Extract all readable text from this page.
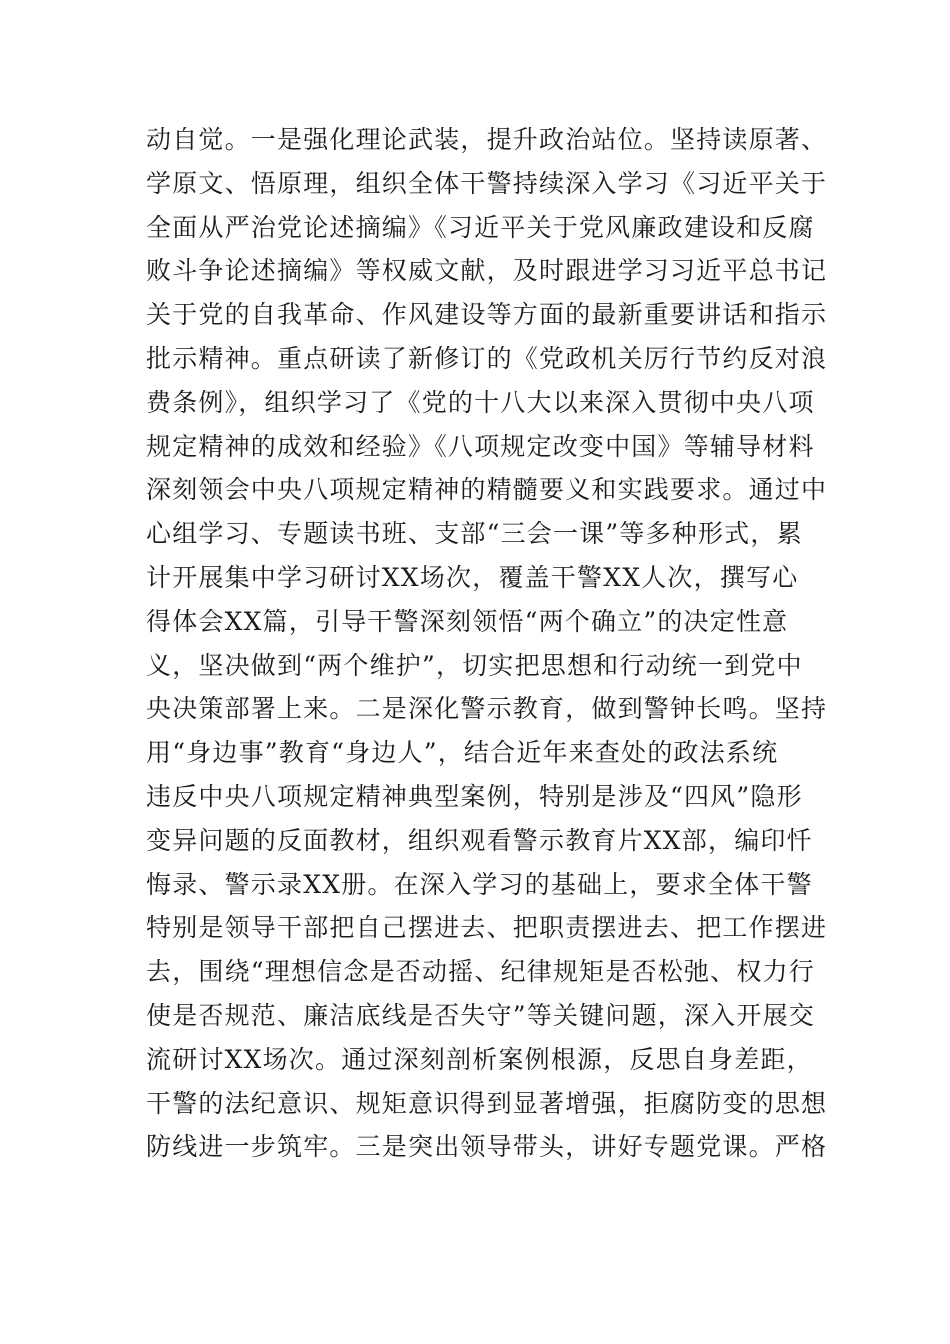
动自觉。一是强化理论武装，提升政治站位。坚持读原著、
学原文、悟原理，组织全体干警持续深入学习《习近平关于
全面从严治党论述摘编》《习近平关于党风廉政建设和反腐
败斗争论述摘编》等权威文献，及时跟进学习习近平总书记
关于党的自我革命、作风建设等方面的最新重要讲话和指示
批示精神。重点研读了新修订的《党政机关厉行节约反对浪
费条例》，组织学习了《党的十八大以来深入贯彻中央八项
规定精神的成效和经验》《八项规定改变中国》等辅导材料
深刻领会中央八项规定精神的精髓要义和实践要求。通过中
心组学习、专题读书班、支部“三会一课”等多种形式，累
计开展集中学习研讨XX场次，覆盖干警XX人次，撰写心
得体会XX篇，引导干警深刻领悟“两个确立”的决定性意
义，坚决做到“两个维护”，切实把思想和行动统一到党中
央决策部署上来。二是深化警示教育，做到警钟长鸣。坚持
用“身边事”教育“身边人”，结合近年来查处的政法系统
违反中央八项规定精神典型案例，特别是涉及“四风”隐形
变异问题的反面教材，组织观看警示教育片XX部，编印忏
悔录、警示录XX册。在深入学习的基础上，要求全体干警
特别是领导干部把自己摆进去、把职责摆进去、把工作摆进
去，围绕“理想信念是否动摇、纪律规矩是否松弛、权力行
使是否规范、廉洁底线是否失守”等关键问题，深入开展交
流研讨XX场次。通过深刻剖析案例根源，反思自身差距，
干警的法纪意识、规矩意识得到显著增强，拒腐防变的思想
防线进一步筑牢。三是突出领导带头，讲好专题党课。严格
